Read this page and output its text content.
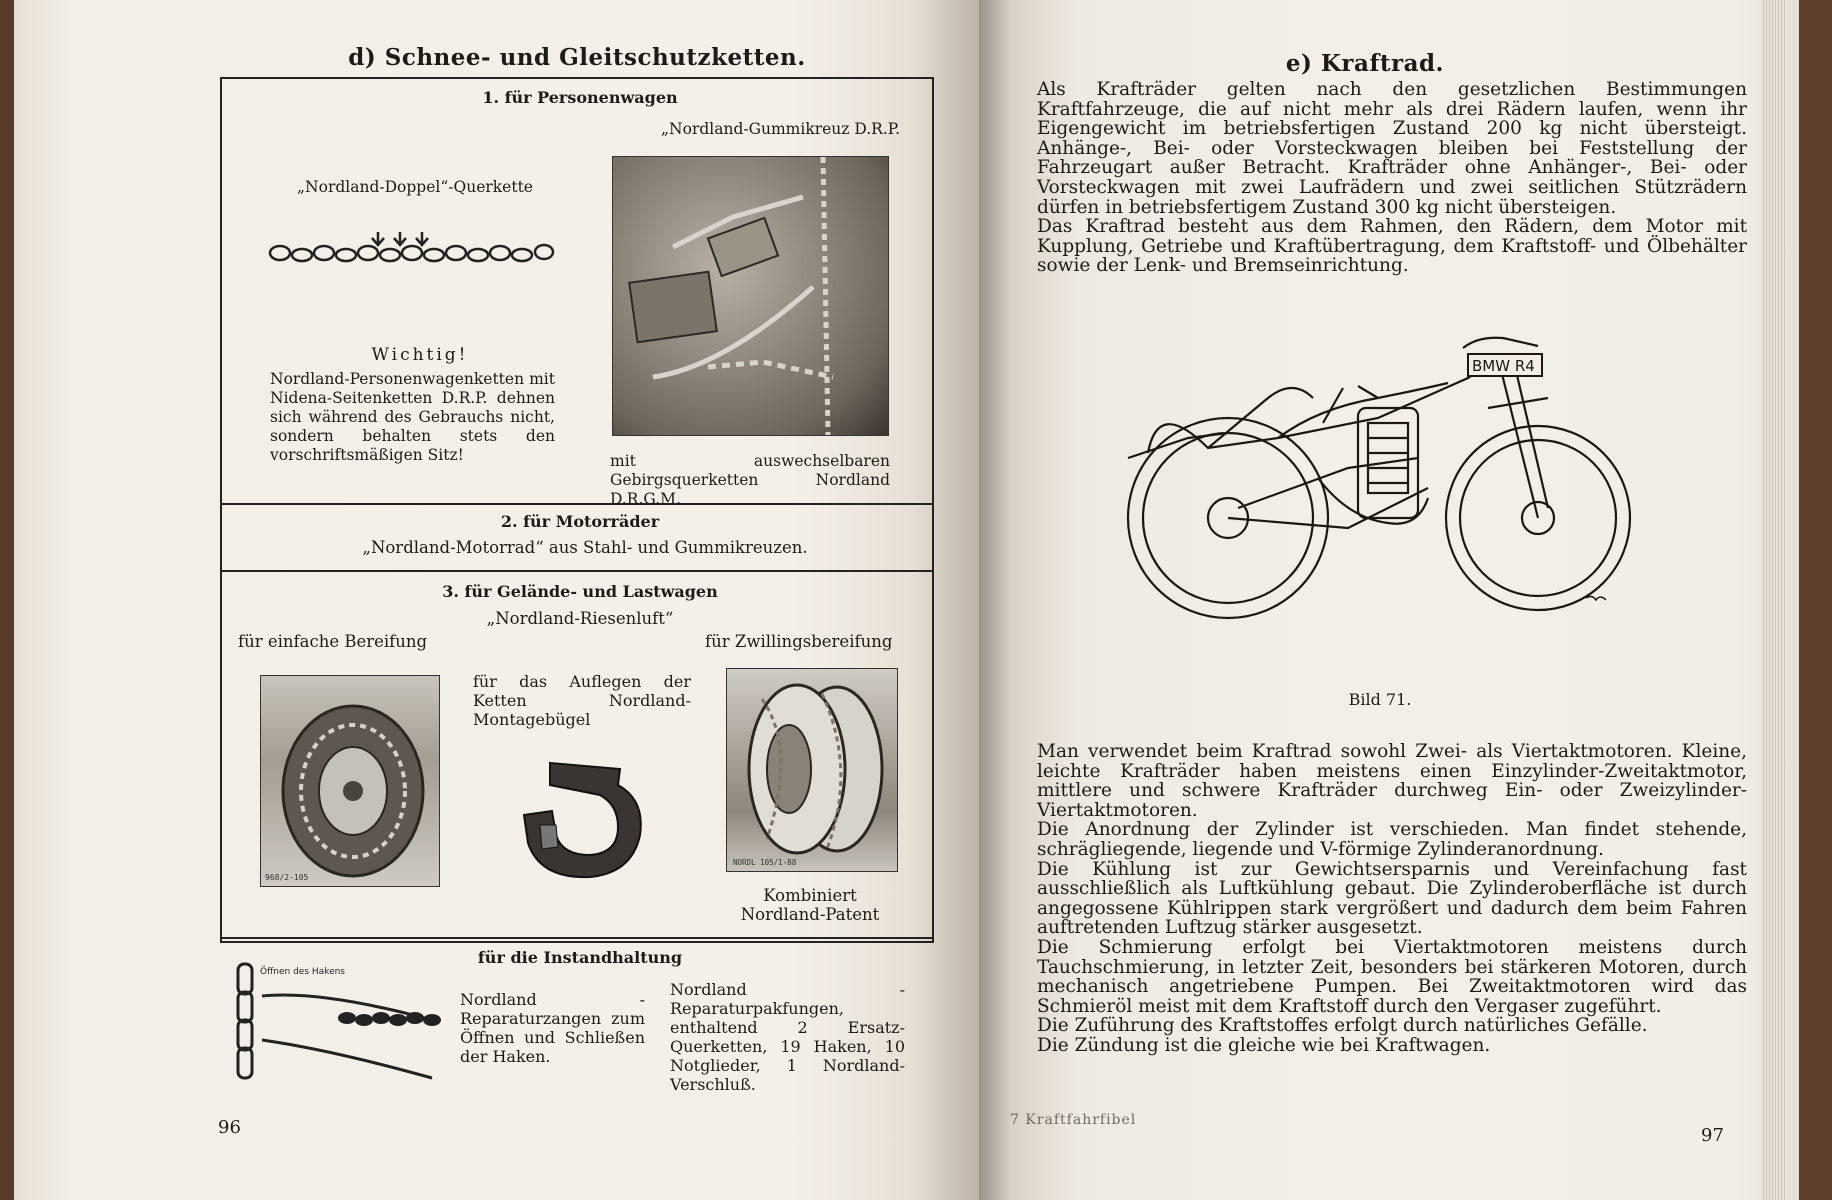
d) Schnee- und Gleitschutzketten.
1. für Personenwagen
„Nordland-Gummikreuz D.R.P.
„Nordland-Doppel“-Querkette
Wichtig!
Nordland-Personenwagenketten mit Nidena-Seitenketten D.R.P. dehnen sich während des Gebrauchs nicht, sondern behalten stets den vorschriftsmäßigen Sitz!	mit auswechselbaren Gebirgsquerketten Nordland D.R.G.M.
2. für Motorräder
„Nordland-Motorrad“ aus Stahl- und Gummikreuzen.
3. für Gelände- und Lastwagen
„Nordland-Riesenluft“
für einfache Bereifung	für Zwillingsbereifung
968/2-105
für das Auflegen der Ketten Nordland-Montagebügel
NORDL 105/1-88
Kombiniert Nordland-Patent
für die Instandhaltung
Öffnen des Hakens
Nordland - Reparaturzangen zum Öffnen und Schließen der Haken.
Nordland - Reparaturpakfungen, enthaltend 2 Ersatz-Querketten, 19 Haken, 10 Notglieder, 1 Nordland-Verschluß.
96
e) Kraftrad.

Als Krafträder gelten nach den gesetzlichen Bestimmungen Kraftfahrzeuge, die auf nicht mehr als drei Rädern laufen, wenn ihr Eigengewicht im betriebsfertigen Zustand 200 kg nicht übersteigt. Anhänge-, Bei- oder Vorsteckwagen bleiben bei Feststellung der Fahrzeugart außer Betracht. Krafträder ohne Anhänger-, Bei- oder Vorsteckwagen mit zwei Laufrädern und zwei seitlichen Stützrädern dürfen in betriebsfertigem Zustand 300 kg nicht übersteigen.

Das Kraftrad besteht aus dem Rahmen, den Rädern, dem Motor mit Kupplung, Getriebe und Kraftübertragung, dem Kraftstoff- und Ölbehälter sowie der Lenk- und Bremseinrichtung.

BMW R4
Bild 71.

Man verwendet beim Kraftrad sowohl Zwei- als Viertaktmotoren. Kleine, leichte Krafträder haben meistens einen Einzylinder-Zweitaktmotor, mittlere und schwere Krafträder durchweg Ein- oder Zweizylinder-Viertaktmotoren.

Die Anordnung der Zylinder ist verschieden. Man findet stehende, schrägliegende, liegende und V-förmige Zylinderanordnung.

Die Kühlung ist zur Gewichtsersparnis und Vereinfachung fast ausschließlich als Luftkühlung gebaut. Die Zylinderoberfläche ist durch angegossene Kühlrippen stark vergrößert und dadurch dem beim Fahren auftretenden Luftzug stärker ausgesetzt.

Die Schmierung erfolgt bei Viertaktmotoren meistens durch Tauchschmierung, in letzter Zeit, besonders bei stärkeren Motoren, durch mechanisch angetriebene Pumpen. Bei Zweitaktmotoren wird das Schmieröl meist mit dem Kraftstoff durch den Vergaser zugeführt.

Die Zuführung des Kraftstoffes erfolgt durch natürliches Gefälle.

Die Zündung ist die gleiche wie bei Kraftwagen.

7 Kraftfahrfibel
97
